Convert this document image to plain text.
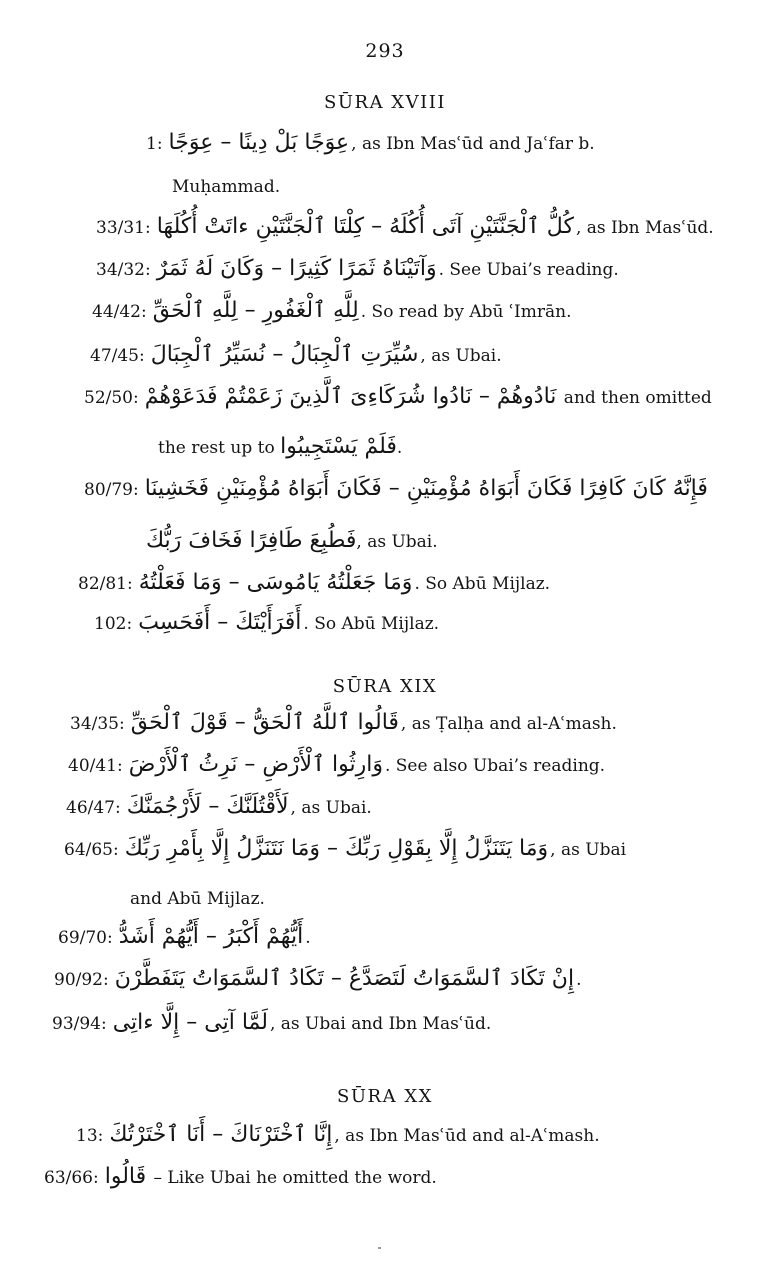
293
SŪRA XVIII
1: عِوَجًا بَلْ دِينًا – عِوَجًا , as Ibn Masʿūd and Jaʿfar b.
Muḥammad.
33/31: كُلُّ ٱلْجَنَّتَيْنِ آتَى أُكُلَهُ – كِلْتَا ٱلْجَنَّتَيْنِ ءاتَتْ أُكُلَهَا , as Ibn Masʿūd.
34/32: وَآتَيْنَاهُ ثَمَرًا كَثِيرًا – وَكَانَ لَهُ ثَمَرٌ . See Ubai’s reading.
44/42: لِلَّهِ ٱلْغَفُورِ – لِلَّهِ ٱلْحَقِّ . So read by Abū ʿImrān.
47/45: سُيِّرَتِ ٱلْجِبَالُ – نُسَيِّرُ ٱلْجِبَالَ , as Ubai.
52/50: نَادُوهُمْ – نَادُوا شُرَكَاءِىَ ٱلَّذِينَ زَعَمْتُمْ فَدَعَوْهُمْ and then omitted
the rest up to فَلَمْ يَسْتَجِيبُوا.
80/79: فَإِنَّهُ كَانَ كَافِرًا فَكَانَ أَبَوَاهُ مُؤْمِنَيْنِ – فَكَانَ أَبَوَاهُ مُؤْمِنَيْنِ فَخَشِينَا
فَطُبِعَ طَافِرًا فَخَافَ رَبُّكَ, as Ubai.
82/81: وَمَا جَعَلْتُهُ يَامُوسَى – وَمَا فَعَلْتُهُ . So Abū Mijlaz.
102: أَفَرَأَيْتَكَ – أَفَحَسِبَ . So Abū Mijlaz.
SŪRA XIX
34/35: قَالُوا ٱللَّهُ ٱلْحَقُّ – قَوْلَ ٱلْحَقِّ , as Ṭalḥa and al-Aʿmash.
40/41: وَارِثُوا ٱلْأَرْضِ – نَرِثُ ٱلْأَرْضَ . See also Ubai’s reading.
46/47: لَأَقْتُلَنَّكَ – لَأَرْجُمَنَّكَ , as Ubai.
64/65: وَمَا يَتَنَزَّلُ إِلَّا بِقَوْلِ رَبِّكَ – وَمَا نَتَنَزَّلُ إِلَّا بِأَمْرِ رَبِّكَ , as Ubai
and Abū Mijlaz.
69/70: أَيُّهُمْ أَكْبَرُ – أَيُّهُمْ أَشَدُّ .
90/92: إِنْ تَكَادَ ٱلسَّمَوَاتُ لَتَصَدَّعُ – تَكَادُ ٱلسَّمَوَاتُ يَتَفَطَّرْنَ .
93/94: لَمَّا آتِى – إِلَّا ءاتِى , as Ubai and Ibn Masʿūd.
SŪRA XX
13: إِنَّا ٱخْتَرْنَاكَ – أَنَا ٱخْتَرْتُكَ , as Ibn Masʿūd and al-Aʿmash.
63/66: قَالُوا – Like Ubai he omitted the word.
